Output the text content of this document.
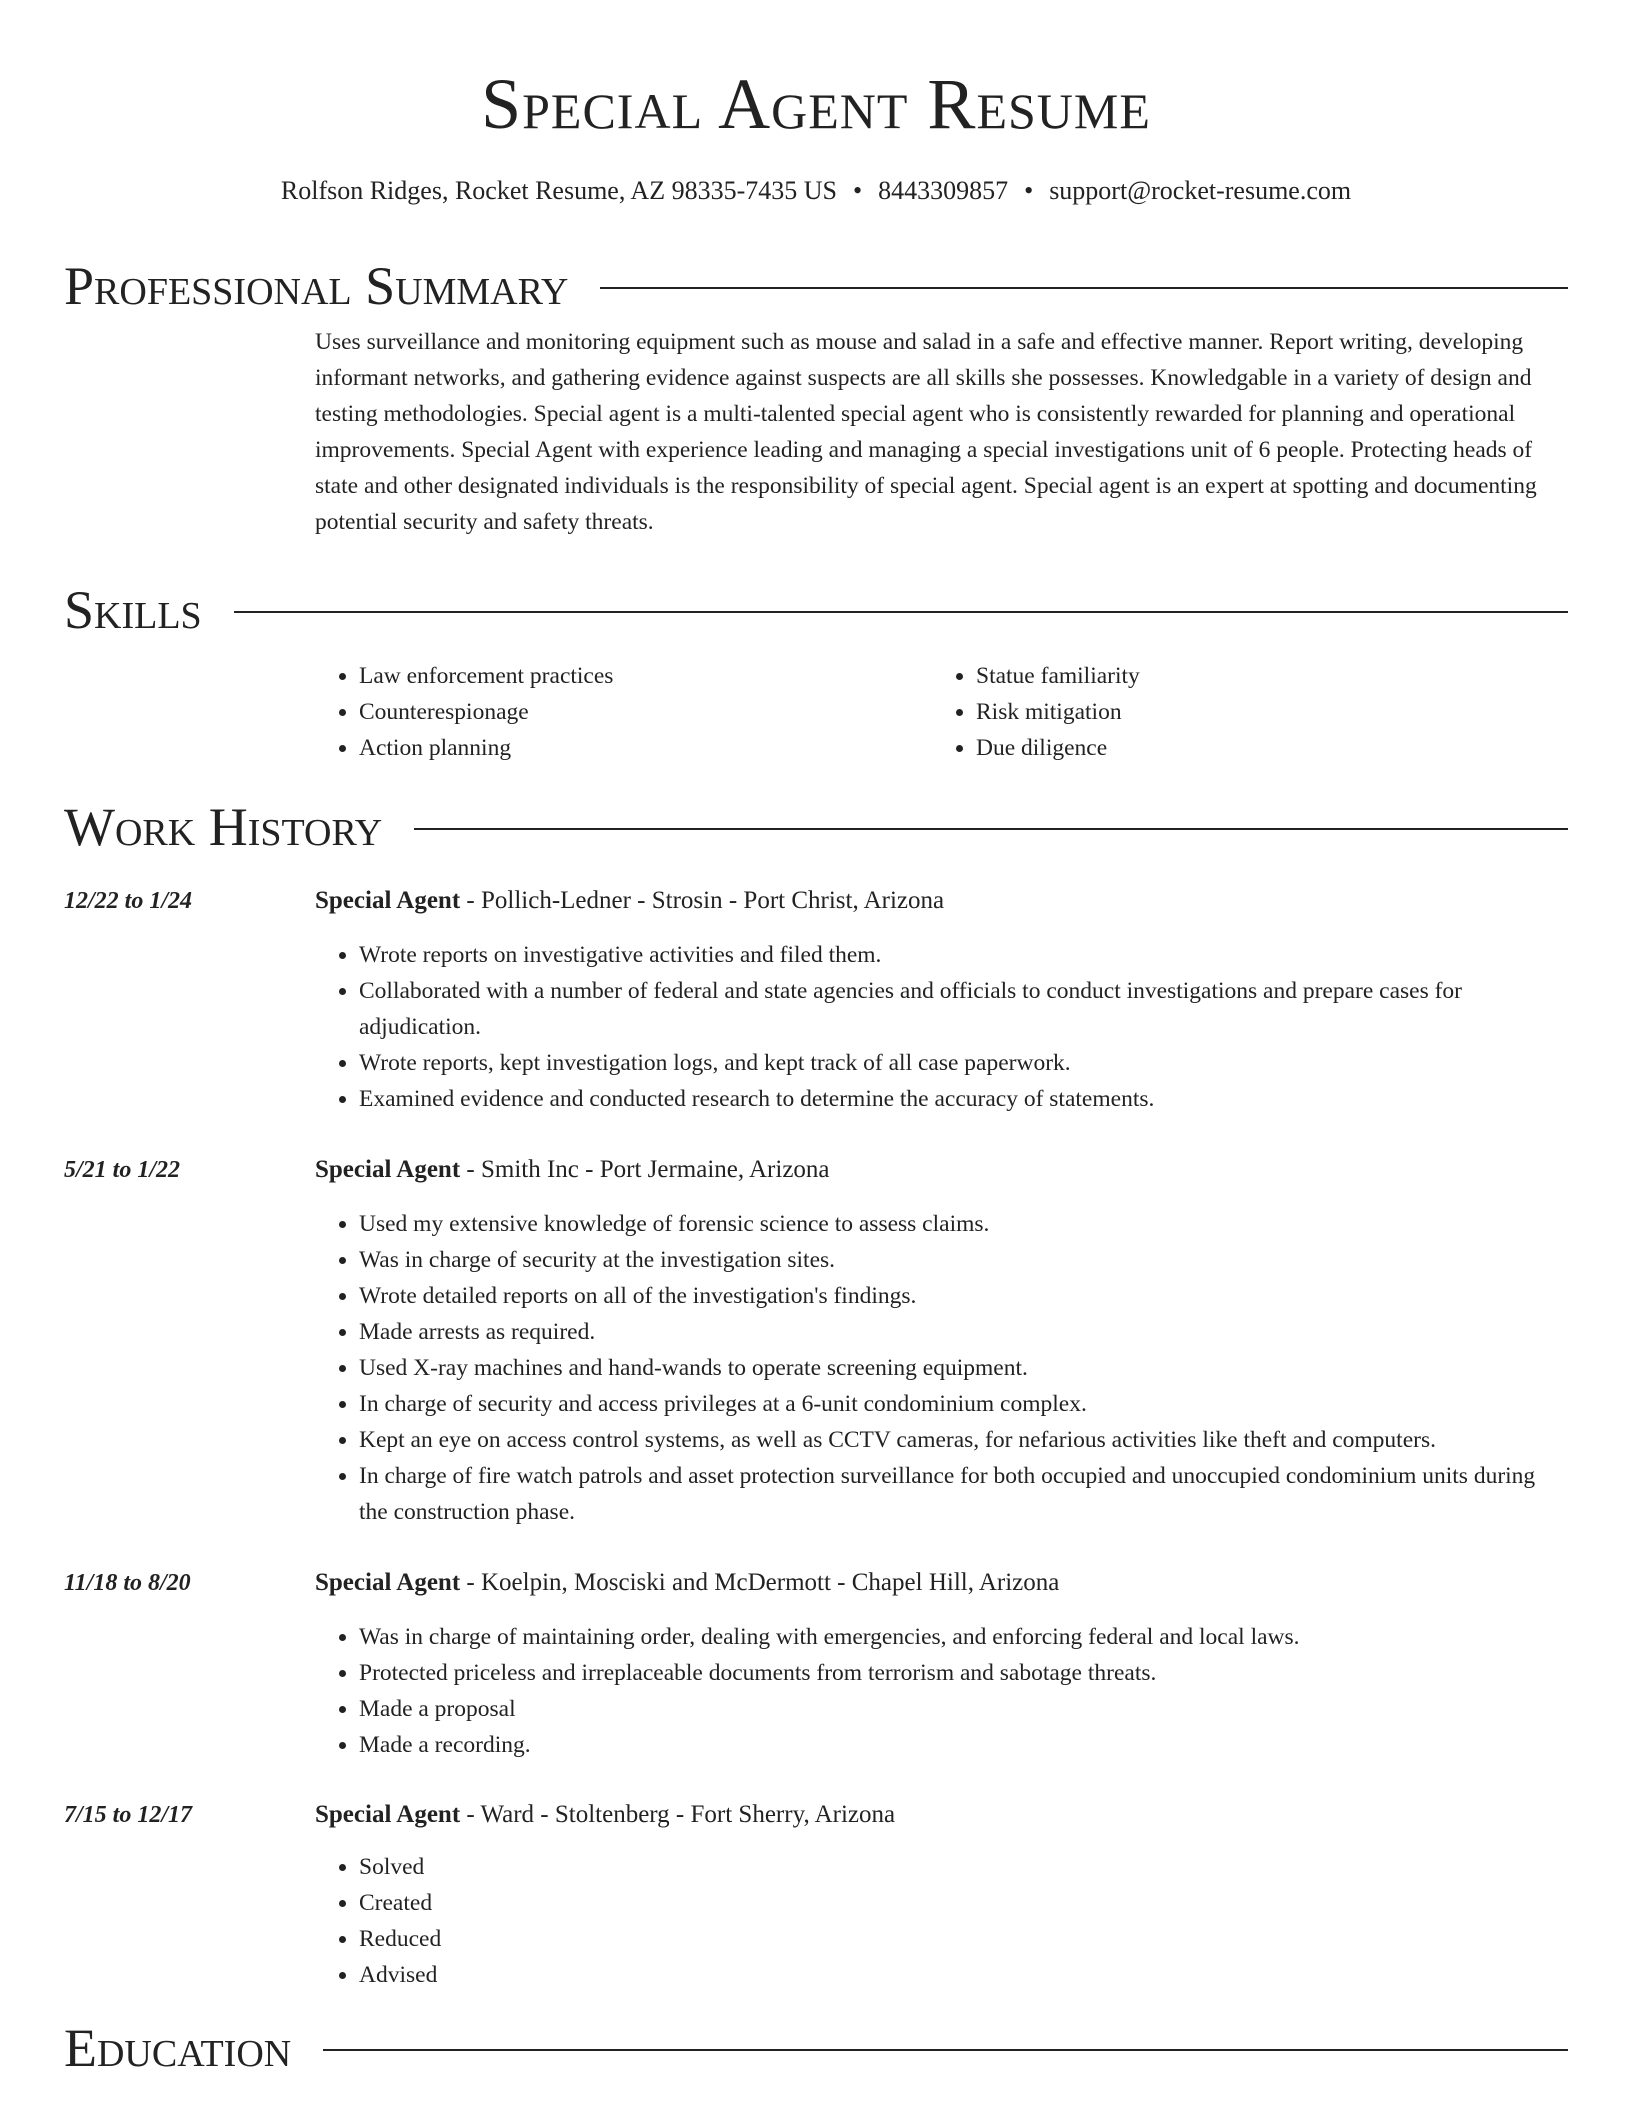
Special Agent Resume
Rolfson Ridges, Rocket Resume, AZ 98335-7435 US • 8443309857 • support@rocket-resume.com
Professional Summary

Uses surveillance and monitoring equipment such as mouse and salad in a safe and effective manner. Report writing, developing informant networks, and gathering evidence against suspects are all skills she possesses. Knowledgable in a variety of design and testing methodologies. Special agent is a multi-talented special agent who is consistently rewarded for planning and operational improvements. Special Agent with experience leading and managing a special investigations unit of 6 people. Protecting heads of state and other designated individuals is the responsibility of special agent. Special agent is an expert at spotting and documenting potential security and safety threats.

Skills
• Law enforcement practices
• Counterespionage
• Action planning
• Statue familiarity
• Risk mitigation
• Due diligence
Work History
12/22 to 1/24	Special Agent - Pollich-Ledner - Strosin - Port Christ, Arizona
• Wrote reports on investigative activities and filed them.
• Collaborated with a number of federal and state agencies and officials to conduct investigations and prepare cases for adjudication.
• Wrote reports, kept investigation logs, and kept track of all case paperwork.
• Examined evidence and conducted research to determine the accuracy of statements.
5/21 to 1/22	Special Agent - Smith Inc - Port Jermaine, Arizona
• Used my extensive knowledge of forensic science to assess claims.
• Was in charge of security at the investigation sites.
• Wrote detailed reports on all of the investigation's findings.
• Made arrests as required.
• Used X-ray machines and hand-wands to operate screening equipment.
• In charge of security and access privileges at a 6-unit condominium complex.
• Kept an eye on access control systems, as well as CCTV cameras, for nefarious activities like theft and computers.
• In charge of fire watch patrols and asset protection surveillance for both occupied and unoccupied condominium units during the construction phase.
11/18 to 8/20	Special Agent - Koelpin, Mosciski and McDermott - Chapel Hill, Arizona
• Was in charge of maintaining order, dealing with emergencies, and enforcing federal and local laws.
• Protected priceless and irreplaceable documents from terrorism and sabotage threats.
• Made a proposal
• Made a recording.
7/15 to 12/17	Special Agent - Ward - Stoltenberg - Fort Sherry, Arizona
• Solved
• Created
• Reduced
• Advised
Education
